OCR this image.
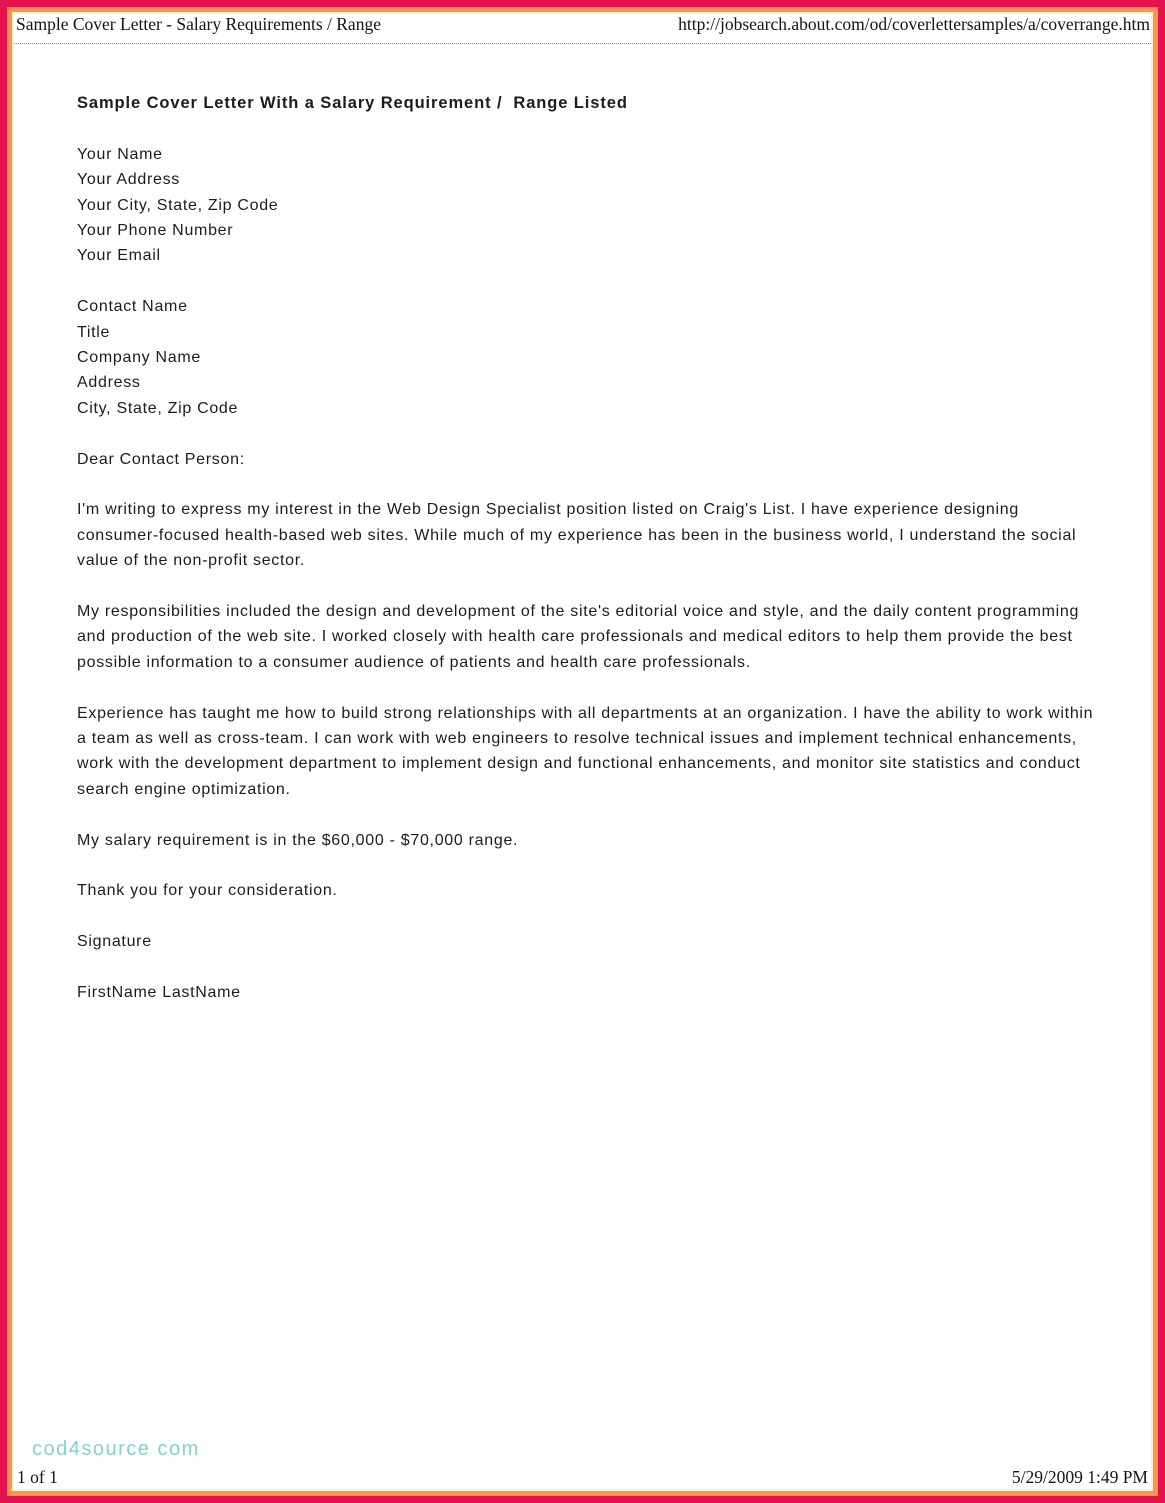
Sample Cover Letter - Salary Requirements / Range	http://jobsearch.about.com/od/coverlettersamples/a/coverrange.htm
Sample Cover Letter With a Salary Requirement /  Range Listed
Your Name
Your Address
Your City, State, Zip Code
Your Phone Number
Your Email
Contact Name
Title
Company Name
Address
City, State, Zip Code
Dear Contact Person:
I'm writing to express my interest in the Web Design Specialist position listed on Craig's List. I have experience designing consumer-focused health-based web sites. While much of my experience has been in the business world, I understand the social value of the non-profit sector.
My responsibilities included the design and development of the site's editorial voice and style, and the daily content programming and production of the web site. I worked closely with health care professionals and medical editors to help them provide the best possible information to a consumer audience of patients and health care professionals.
Experience has taught me how to build strong relationships with all departments at an organization. I have the ability to work within a team as well as cross-team. I can work with web engineers to resolve technical issues and implement technical enhancements, work with the development department to implement design and functional enhancements, and monitor site statistics and conduct search engine optimization.
My salary requirement is in the $60,000 - $70,000 range.
Thank you for your consideration.
Signature
FirstName LastName
cod4source com
1 of 1	5/29/2009 1:49 PM
